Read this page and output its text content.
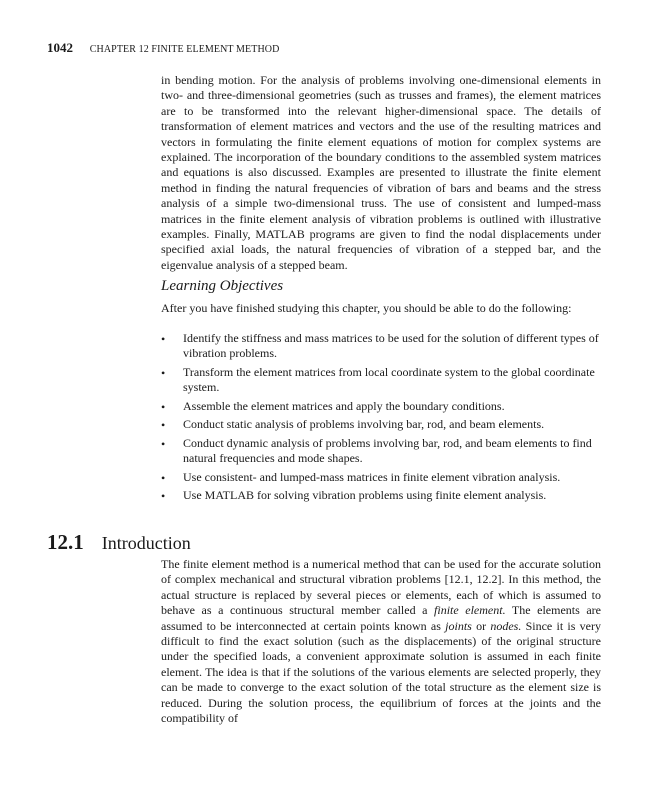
1042 CHAPTER 12 FINITE ELEMENT METHOD

in bending motion. For the analysis of problems involving one-dimensional elements in two- and three-dimensional geometries (such as trusses and frames), the element matrices are to be transformed into the relevant higher-dimensional space. The details of transformation of element matrices and vectors and the use of the resulting matrices and vectors in formulating the finite element equations of motion for complex systems are explained. The incorporation of the boundary conditions to the assembled system matrices and equations is also discussed. Examples are presented to illustrate the finite element method in finding the natural frequencies of vibration of bars and beams and the stress analysis of a simple two-dimensional truss. The use of consistent and lumped-mass matrices in the finite element analysis of vibration problems is outlined with illustrative examples. Finally, MATLAB programs are given to find the nodal displacements under specified axial loads, the natural frequencies of vibration of a stepped bar, and the eigenvalue analysis of a stepped beam.

Learning Objectives

After you have finished studying this chapter, you should be able to do the following:

• Identify the stiffness and mass matrices to be used for the solution of different types of vibration problems.
• Transform the element matrices from local coordinate system to the global coordinate system.
• Assemble the element matrices and apply the boundary conditions.
• Conduct static analysis of problems involving bar, rod, and beam elements.
• Conduct dynamic analysis of problems involving bar, rod, and beam elements to find natural frequencies and mode shapes.
• Use consistent- and lumped-mass matrices in finite element vibration analysis.
• Use MATLAB for solving vibration problems using finite element analysis.
12.1 Introduction

The finite element method is a numerical method that can be used for the accurate solution of complex mechanical and structural vibration problems [12.1, 12.2]. In this method, the actual structure is replaced by several pieces or elements, each of which is assumed to behave as a continuous structural member called a finite element. The elements are assumed to be interconnected at certain points known as joints or nodes. Since it is very difficult to find the exact solution (such as the displacements) of the original structure under the specified loads, a convenient approximate solution is assumed in each finite element. The idea is that if the solutions of the various elements are selected properly, they can be made to converge to the exact solution of the total structure as the element size is reduced. During the solution process, the equilibrium of forces at the joints and the compatibility of
